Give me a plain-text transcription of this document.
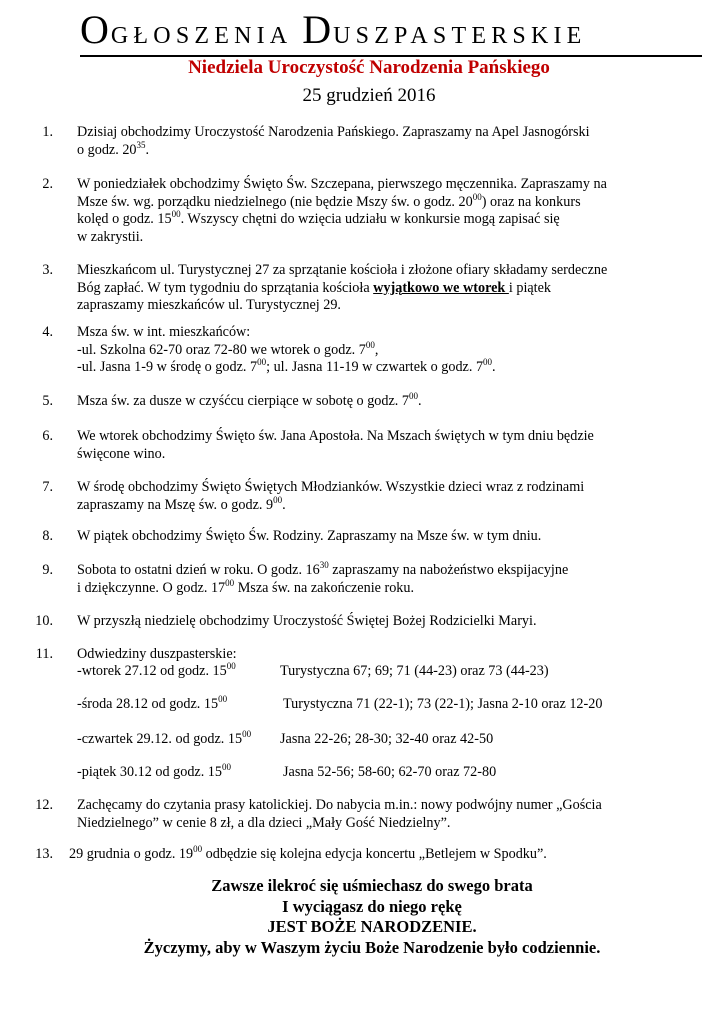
OGŁOSZENIA DUSZPASTERSKIE
Niedziela Uroczystość Narodzenia Pańskiego
25 grudzień 2016
1. Dzisiaj obchodzimy Uroczystość Narodzenia Pańskiego. Zapraszamy na Apel Jasnogórski
o godz. $20^{35}$.
2. W poniedziałek obchodzimy Święto Św. Szczepana, pierwszego męczennika. Zapraszamy na
Msze św. wg. porządku niedzielnego (nie będzie Mszy św. o godz. $20^{00}$) oraz na konkurs
kolęd o godz. $15^{00}$. Wszyscy chętni do wzięcia udziału w konkursie mogą zapisać się
w zakrystii.
3. Mieszkańcom ul. Turystycznej 27 za sprzątanie kościoła i złożone ofiary składamy serdeczne
Bóg zapłać. W tym tygodniu do sprzątania kościoła wyjątkowo we wtorek i piątek
zapraszamy mieszkańców ul. Turystycznej 29.
4. Msza św. w int. mieszkańców:
-ul. Szkolna 62-70 oraz 72-80 we wtorek o godz. $7^{00}$,
-ul. Jasna 1-9 w środę o godz. $7^{00}$; ul. Jasna 11-19 w czwartek o godz. $7^{00}$.
5. Msza św. za dusze w czyśćcu cierpiące w sobotę o godz. $7^{00}$.
6. We wtorek obchodzimy Święto św. Jana Apostoła. Na Mszach świętych w tym dniu będzie
święcone wino.
7. W środę obchodzimy Święto Świętych Młodzianków. Wszystkie dzieci wraz z rodzinami
zapraszamy na Mszę św. o godz. $9^{00}$.
8. W piątek obchodzimy Święto Św. Rodziny. Zapraszamy na Msze św. w tym dniu.
9. Sobota to ostatni dzień w roku. O godz. $16^{30}$ zapraszamy na nabożeństwo ekspijacyjne
i dziękczynne. O godz. $17^{00}$ Msza św. na zakończenie roku.
10. W przyszłą niedzielę obchodzimy Uroczystość Świętej Bożej Rodzicielki Maryi.
11. Odwiedziny duszpasterskie:
-wtorek 27.12 od godz. $15^{00}$	Turystyczna 67; 69; 71 (44-23) oraz 73 (44-23)
-środa 28.12 od godz. $15^{00}$	Turystyczna 71 (22-1); 73 (22-1); Jasna 2-10 oraz 12-20
-czwartek 29.12. od godz. $15^{00}$ Jasna 22-26; 28-30; 32-40 oraz 42-50
-piątek 30.12 od godz. $15^{00}$	Jasna 52-56; 58-60; 62-70 oraz 72-80
12. Zachęcamy do czytania prasy katolickiej. Do nabycia m.in.: nowy podwójny numer „Gościa
Niedzielnego” w cenie 8 zł, a dla dzieci „Mały Gość Niedzielny”.
13. 29 grudnia o godz. $19^{00}$ odbędzie się kolejna edycja koncertu „Betlejem w Spodku”.
Zawsze ilekroć się uśmiechasz do swego brata
I wyciągasz do niego rękę
JEST BOŻE NARODZENIE.
Życzymy, aby w Waszym życiu Boże Narodzenie było codziennie.
